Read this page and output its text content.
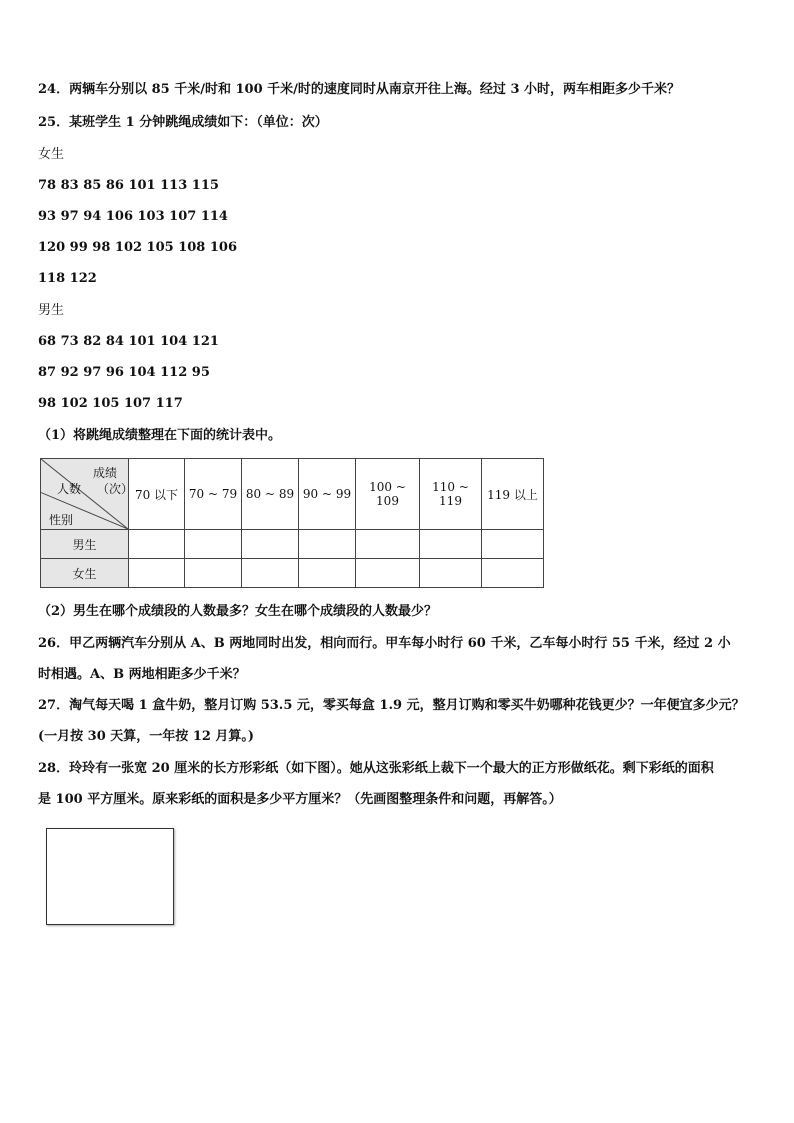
24．两辆车分别以 85 千米/时和 100 千米/时的速度同时从南京开往上海。经过 3 小时，两车相距多少千米？
25．某班学生 1 分钟跳绳成绩如下：（单位：次）
女生
78 83 85 86 101 113 115
93 97 94 106 103 107 114
120 99 98 102 105 108 106
118 122
男生
68 73 82 84 101 104 121
87 92 97 96 104 112 95
98 102 105 107 117
（1）将跳绳成绩整理在下面的统计表中。
成绩
（次）
人数
性别	70 以下	70 ~ 79	80 ~ 89	90 ~ 99	100 ~ 109	110 ~ 119	119 以上
男生							
女生							
（2）男生在哪个成绩段的人数最多？女生在哪个成绩段的人数最少？
26．甲乙两辆汽车分别从 A、B 两地同时出发，相向而行。甲车每小时行 60 千米，乙车每小时行 55 千米，经过 2 小
时相遇。A、B 两地相距多少千米？
27．淘气每天喝 1 盒牛奶，整月订购 53.5 元，零买每盒 1.9 元，整月订购和零买牛奶哪种花钱更少？一年便宜多少元？
(一月按 30 天算，一年按 12 月算。)
28．玲玲有一张宽 20 厘米的长方形彩纸（如下图）。她从这张彩纸上裁下一个最大的正方形做纸花。剩下彩纸的面积
是 100 平方厘米。原来彩纸的面积是多少平方厘米？（先画图整理条件和问题，再解答。）
